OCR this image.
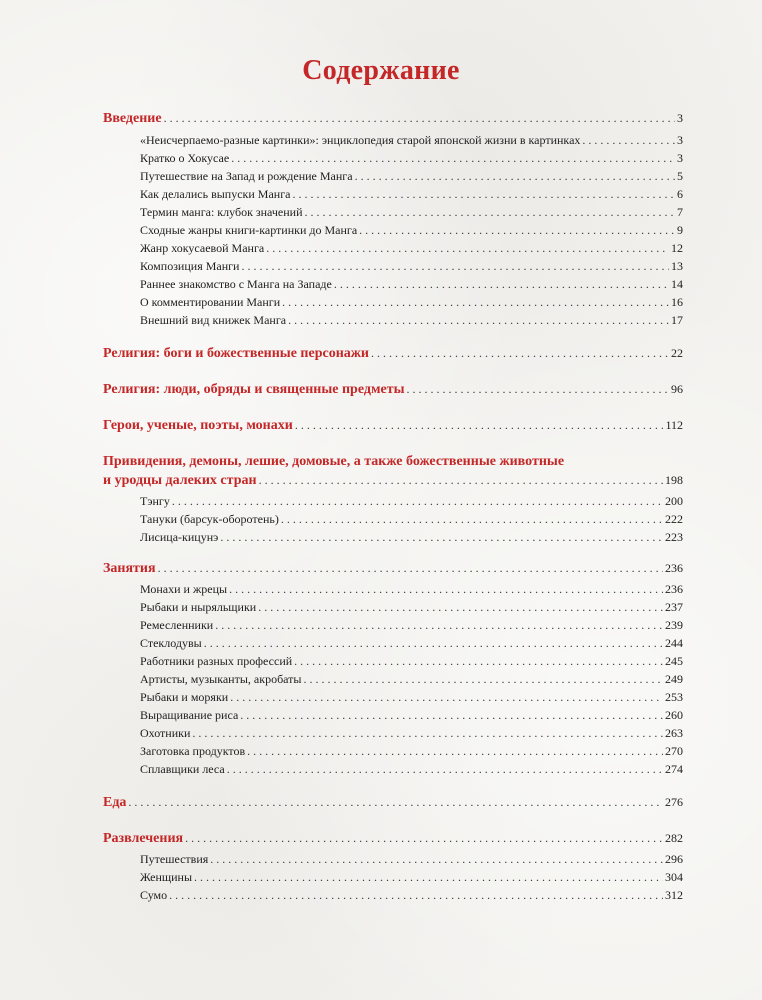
Содержание
Введение . . .	3
«Неисчерпаемо-разные картинки»: энциклопедия старой японской жизни в картинках . . .	3
Кратко о Хокусае . . .	3
Путешествие на Запад и рождение Манга . . .	5
Как делались выпуски Манга . . .	6
Термин манга: клубок значений . . .	7
Сходные жанры книги-картинки до Манга . . .	9
Жанр хокусаевой Манга . . .	12
Композиция Манги . . .	13
Раннее знакомство с Манга на Западе . . .	14
О комментировании Манги . . .	16
Внешний вид книжек Манга . . .	17
Религия: боги и божественные персонажи . . .	22
Религия: люди, обряды и священные предметы . . .	96
Герои, ученые, поэты, монахи . . .	112
Привидения, демоны, лешие, домовые, а также божественные животные
и уродцы далеких стран . . .	198
Тэнгу . . .	200
Тануки (барсук-оборотень) . . .	222
Лисица-кицунэ . . .	223
Занятия . . .	236
Монахи и жрецы . . .	236
Рыбаки и ныряльщики . . .	237
Ремесленники . . .	239
Стеклодувы . . .	244
Работники разных профессий . . .	245
Артисты, музыканты, акробаты . . .	249
Рыбаки и моряки . . .	253
Выращивание риса . . .	260
Охотники . . .	263
Заготовка продуктов . . .	270
Сплавщики леса . . .	274
Еда . . .	276
Развлечения . . .	282
Путешествия . . .	296
Женщины . . .	304
Сумо . . .	312
